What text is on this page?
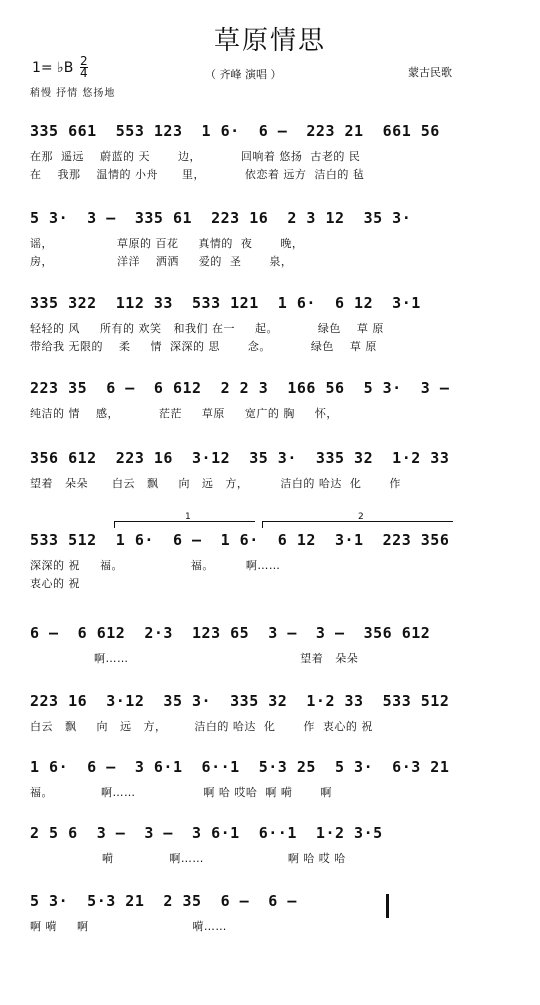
草原情思
1= ♭B 2
4	（ 齐峰 演唱 ）	蒙古民歌
稍慢 抒情 悠扬地
335 661  553 123  1 6·  6 –  223 21  661 56
在那  遥远    蔚蓝的 天       边，          回响着 悠扬  古老的 民
在    我那    温情的 小舟      里，          依恋着 远方  洁白的 毡
5 3·  3 –  335 61  223 16  2 3 12  35 3·
谣，                草原的 百花     真情的  夜       晚，
房，                洋洋    洒洒     爱的  圣       泉，
335 322  112 33  533 121  1 6·  6 12  3·1
轻轻的 风     所有的 欢笑   和我们 在一     起。          绿色    草 原
带给我 无限的    柔     情  深深的 思       念。          绿色    草 原
223 35  6 –  6 612  2 2 3  166 56  5 3·  3 –
纯洁的 情    感，          茫茫     草原     宽广的 胸     怀，
356 612  223 16  3·12  35 3·  335 32  1·2 33
望着   朵朵      白云   飘     向   远   方，        洁白的 哈达  化       作
1	2
533 512  1 6·  6 –  1 6·  6 12  3·1  223 356
深深的 祝     福。                 福。        啊……
衷心的 祝
6 –  6 612  2·3  123 65  3 –  3 –  356 612
啊……                                           望着   朵朵
223 16  3·12  35 3·  335 32  1·2 33  533 512
白云   飘     向   远   方，       洁白的 哈达  化       作  衷心的 祝
1 6·  6 –  3 6·1  6··1  5·3 25  5 3·  6·3 21
福。            啊……                 啊 哈 哎哈  啊 嗬       啊
2 5 6  3 –  3 –  3 6·1  6··1  1·2 3·5
嗬              啊……                     啊 哈 哎 哈
5 3·  5·3 21  2 35  6 –  6 –
啊 嗬     啊                          嗬……
